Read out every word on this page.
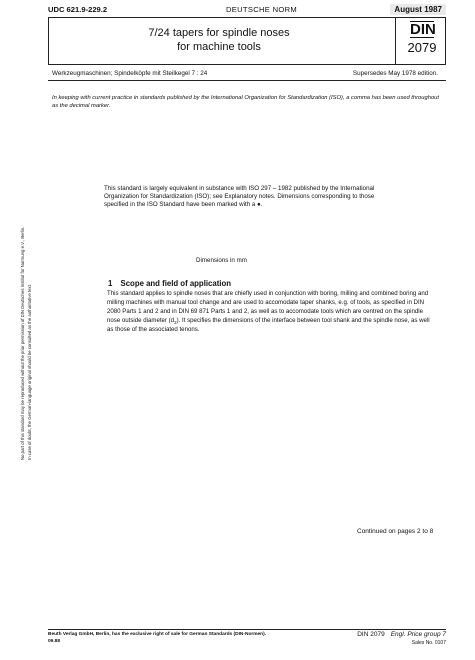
UDC 621.9-229.2	DEUTSCHE NORM	August 1987
7/24 tapers for spindle noses
for machine tools
DIN
2079
Werkzeugmaschinen; Spindelköpfe mit Steilkegel 7 : 24	Supersedes May 1978 edition.
In keeping with current practice in standards published by the International Organization for Standardization (ISO), a comma has been used throughout as the decimal marker.
No part of this standard may be reproduced without the prior permission of DIN Deutsches Institut für Normung e.V., Berlin. In case of doubt, the German-language original should be consulted as the authoritative text.
This standard is largely equivalent in substance with ISO 297 – 1982 published by the International Organization for Standardization (ISO); see Explanatory notes. Dimensions corresponding to those specified in the ISO Standard have been marked with a ●.
Dimensions in mm
1 Scope and field of application
This standard applies to spindle noses that are chiefly used in conjunction with boring, milling and combined boring and milling machines with manual tool change and are used to accomodate taper shanks, e.g. of tools, as specified in DIN 2080 Parts 1 and 2 and in DIN 69 871 Parts 1 and 2, as well as to accomodate tools which are centred on the spindle nose outside diameter $(d_2)$. It specifies the dimensions of the interface between tool shank and the spindle nose, as well as those of the associated tenons.
Continued on pages 2 to 8
Beuth Verlag GmbH, Berlin, has the exclusive right of sale for German Standards (DIN-Normen).
09.88
DIN 2079 Engl. Price group 7
Sales No. 0107
